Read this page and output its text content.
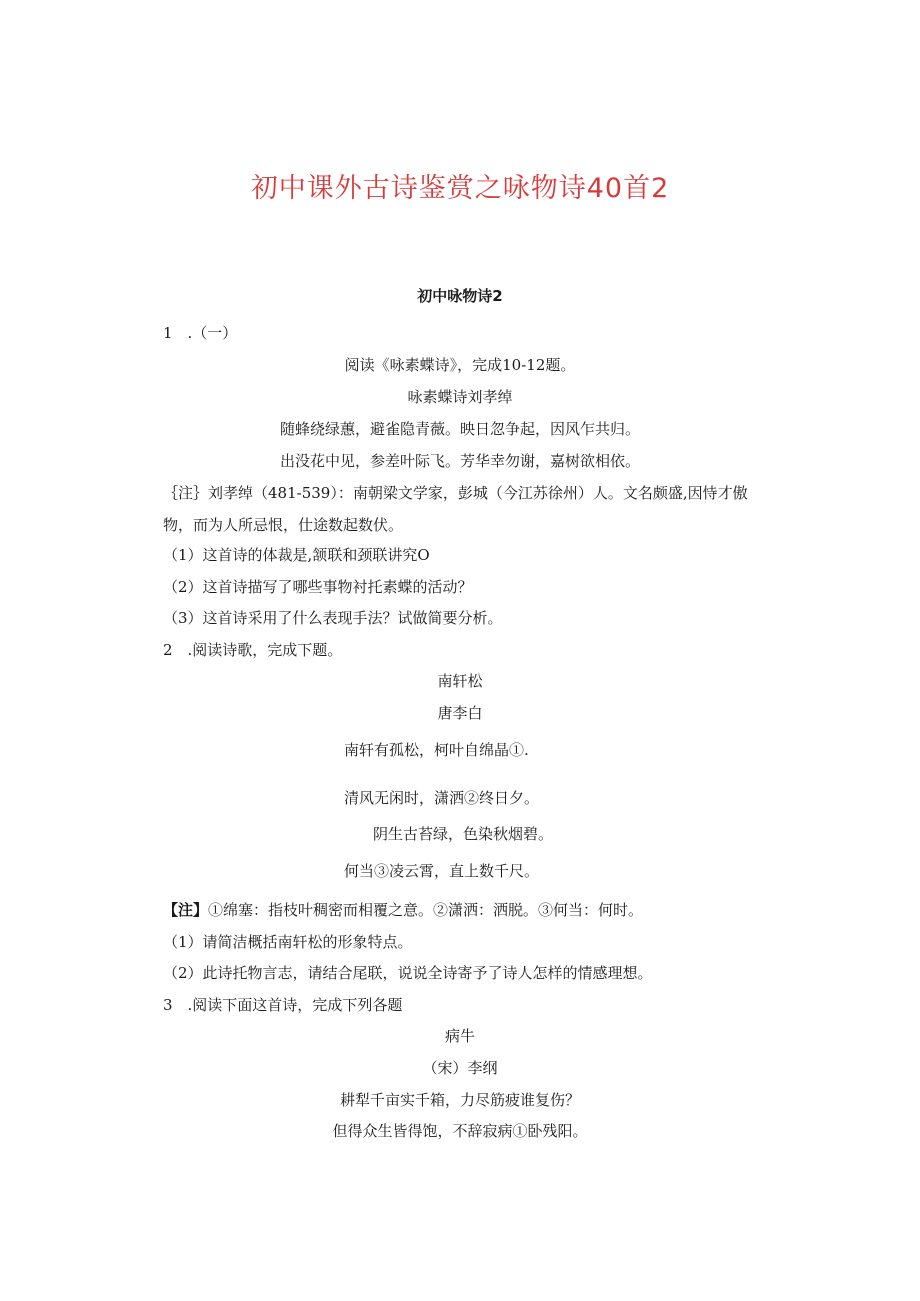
初中课外古诗鉴赏之咏物诗40首2
初中咏物诗2
1　.（一）
阅读《咏素蝶诗》，完成10-12题。
咏素蝶诗刘孝绰
随蜂绕绿蕙，避雀隐青薇。映日忽争起，因风乍共归。
出没花中见，参差叶际飞。芳华幸勿谢，嘉树欲相依。
｛注｝刘孝绰（481-539）：南朝梁文学家，彭城（今江苏徐州）人。文名颇盛,因恃才傲
物，而为人所忌恨，仕途数起数伏。
（1）这首诗的体裁是,颔联和颈联讲究O
（2）这首诗描写了哪些事物衬托素蝶的活动？
（3）这首诗采用了什么表现手法？试做简要分析。
2　.阅读诗歌，完成下题。
南轩松
唐李白
南轩有孤松，柯叶自绵晶①.
清风无闲时，潇洒②终日夕。
阴生古苔绿，色染秋烟碧。
何当③凌云霄，直上数千尺。
【注】①绵塞：指枝叶稠密而相覆之意。②潇洒：洒脱。③何当：何时。
（1）请简洁概括南轩松的形象特点。
（2）此诗托物言志，请结合尾联，说说全诗寄予了诗人怎样的情感理想。
3　.阅读下面这首诗，完成下列各题
病牛
（宋）李纲
耕犁千亩实千箱，力尽筋疲谁复伤？
但得众生皆得饱，不辞寂病①卧残阳。
